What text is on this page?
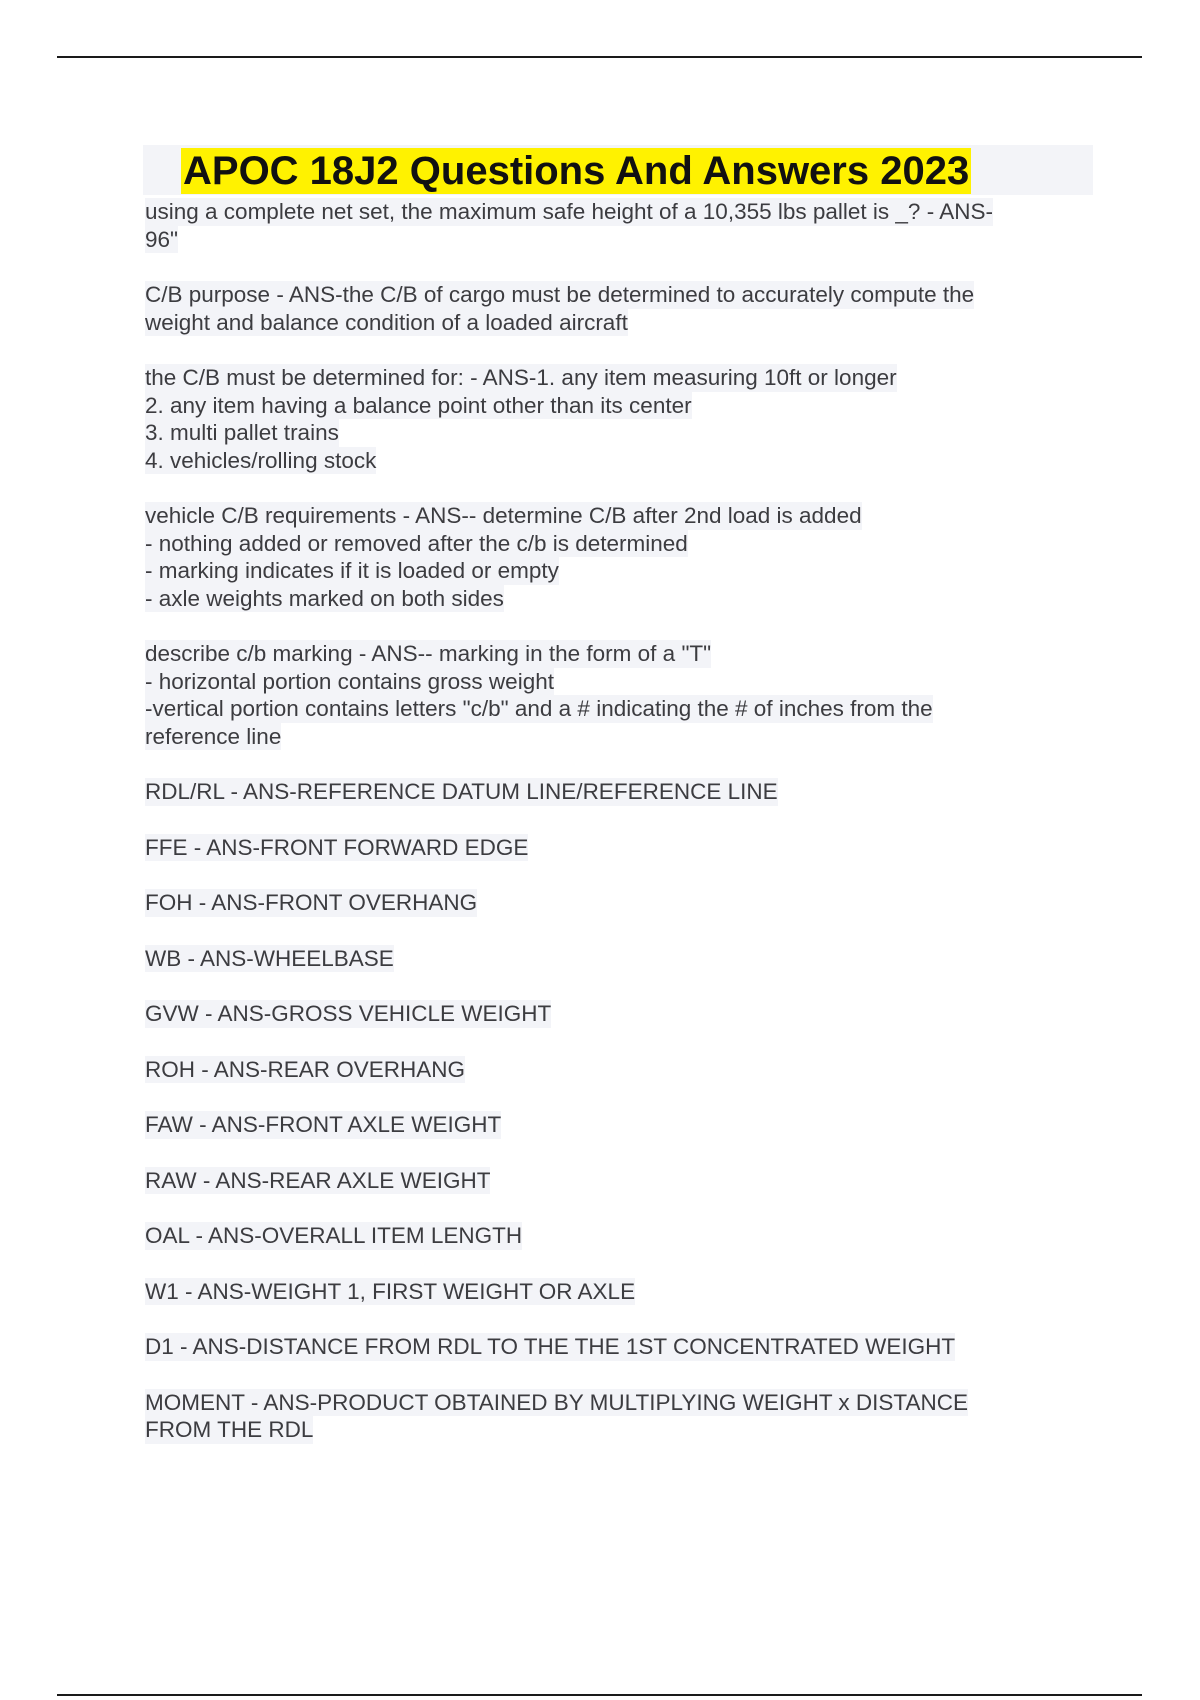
APOC 18J2 Questions And Answers 2023
using a complete net set, the maximum safe height of a 10,355 lbs pallet is _? - ANS-
96"
C/B purpose - ANS-the C/B of cargo must be determined to accurately compute the
weight and balance condition of a loaded aircraft
the C/B must be determined for: - ANS-1. any item measuring 10ft or longer
2. any item having a balance point other than its center
3. multi pallet trains
4. vehicles/rolling stock
vehicle C/B requirements - ANS-- determine C/B after 2nd load is added
- nothing added or removed after the c/b is determined
- marking indicates if it is loaded or empty
- axle weights marked on both sides
describe c/b marking - ANS-- marking in the form of a "T"
- horizontal portion contains gross weight
-vertical portion contains letters "c/b" and a # indicating the # of inches from the
reference line
RDL/RL - ANS-REFERENCE DATUM LINE/REFERENCE LINE
FFE - ANS-FRONT FORWARD EDGE
FOH - ANS-FRONT OVERHANG
WB - ANS-WHEELBASE
GVW - ANS-GROSS VEHICLE WEIGHT
ROH - ANS-REAR OVERHANG
FAW - ANS-FRONT AXLE WEIGHT
RAW - ANS-REAR AXLE WEIGHT
OAL - ANS-OVERALL ITEM LENGTH
W1 - ANS-WEIGHT 1, FIRST WEIGHT OR AXLE
D1 - ANS-DISTANCE FROM RDL TO THE THE 1ST CONCENTRATED WEIGHT
MOMENT - ANS-PRODUCT OBTAINED BY MULTIPLYING WEIGHT x DISTANCE
FROM THE RDL
